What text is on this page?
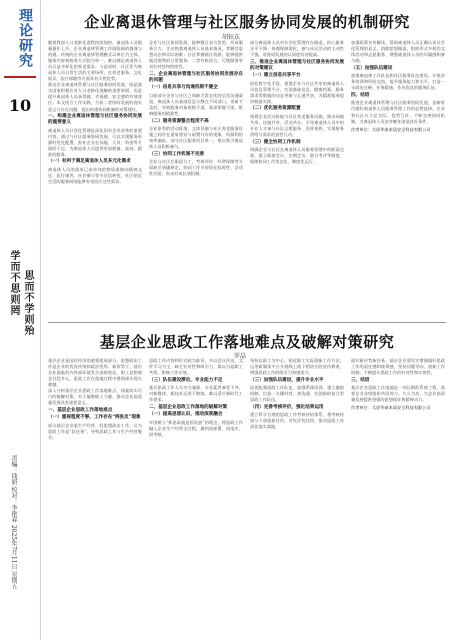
理论研究
10
学而不思则罔 思而不学则殆
责编：钱妍 校对：李艳春 2025年7月11日 星期五
企业离退休管理与社区服务协同发展的机制研究
胡钰东
随着我国人口老龄化进程持续加快，离退休人员数量逐年上升，企业离退休管理工作面临新的挑战与机遇。传统的企业离退休管理模式以单位为主体，服务内容和服务方式较为单一，难以满足离退休人员日益多样化的养老需求。与此同时，社区作为离退休人员日常生活的主要场所，在养老服务、文化娱乐、医疗保健等方面具有天然优势。
推动企业离退休管理与社区服务协同发展，既是落实国家积极应对人口老龄化战略的重要举措，也是提升离退休人员获得感、幸福感、安全感的有效途径。本文结合工作实践，分析二者协同发展的现实意义与存在问题，提出构建协同机制的对策建议。
一、构建企业离退休管理与社区服务协同发展的重要意义
离退休人员社会化管理是深化国有企业改革的重要内容。通过与社区服务协同发展，可以实现服务资源的优化配置，弥补企业在场地、人员、资金等方面的不足，为离退休人员提供更加便捷、高效、精准的服务。
（一）有利于满足离退休人员多元化需求
离退休人员的需求已由单纯的物质保障向精神文化、医疗康养、社会参与等多层次转变，社区贴近生活的服务网络能够有效回应这些需求。
企业与社区协同发展，能够整合双方优势，形成服务合力。企业熟悉离退休人员基本情况，掌握其思想动态和实际困难；社区掌握辖区资源，能够提供就近便利的日常服务。二者有机结合，可使服务更具针对性和持续性。
二、企业离退休管理与社区服务协同发展存在的问题
（一）信息共享与沟通机制不健全
目前部分企业与社区之间缺乏常态化的信息沟通渠道，离退休人员基础信息分散在不同部门，更新不及时，导致服务对象底数不清、需求掌握不准，影响服务的精准性。
（二）服务资源整合程度不高
企业原有的活动阵地、文体设施与社区养老服务设施之间存在重复建设与闲置并存的现象，资源利用效率偏低。部分社区服务项目单一，难以吸引离退休人员积极参与。
（三）协同工作机制不完善
企业与社区在职责分工、考核评价、经费保障等方面缺乏明确规定，协同工作多停留在临时性、活动性层面，尚未形成长效机制。
部分离退休人员对社会化管理存在顾虑，担心服务水平下降、待遇保障弱化，参与社区活动的主动性不强，对协同发展的认同度有待提高。
三、推进企业离退休管理与社区服务协同发展的对策建议
（一）建立信息共享平台
依托数字化手段，搭建企业与社区共享的离退休人员信息管理平台，实现基础信息、健康档案、服务需求等数据的动态更新与互通共享，为精准服务提供数据支撑。
（二）优化服务资源配置
统筹企业活动阵地与社区养老服务设施，推动场地共用、设施共享、活动共办。引导离退休人员中的专业人才参与社区志愿服务，发挥余热，实现服务供给与需求的良性互动。
（三）健全协同工作机制
明确企业与社区在离退休人员服务管理中的职责边界，建立联席会议、定期走访、联合考评等制度，保障协同工作常态化、制度化运行。
加强政策宣传解读，帮助离退休人员正确认识社会化管理的意义，消除思想顾虑。组织形式多样的文体活动和志愿服务，增强离退休人员的归属感和参与感。
（五）加强队伍建设
加强离退休工作队伍和社区服务队伍建设，开展业务培训和经验交流，提升服务能力和水平，打造一支政治过硬、业务精通、作风优良的服务队伍。
四、结语
推进企业离退休管理与社区服务协同发展，是新时代做好离退休人员服务管理工作的必然选择。企业和社区应立足实际、优势互补，不断完善协同机制，为离退休人员安享晚年创造良好条件。
作者单位：太原华泰本质安全科技有限公司
基层企业思政工作落地难点及破解对策研究
罗晶
基层企业是国民经济的重要组成部分，思想政治工作是企业的优良传统和政治优势。新形势下，基层企业面临的内外部环境发生深刻变化，职工思想观念日趋多元，思政工作在落地过程中遇到诸多现实难题。
深入分析基层企业思政工作落地难点，探索切实可行的破解对策，对于凝聚职工力量、推动企业高质量发展具有重要意义。
一、基层企业思政工作落地难点
（一）重视程度不够，工作存在“两张皮”现象
部分基层企业重生产经营、轻思想政治工作，认为思政工作是“软任务”，导致思政工作与生产经营脱节。
思政工作内容和形式较为陈旧，多以会议传达、文件学习为主，缺乏针对性和吸引力，难以引起职工共鸣，影响工作实效。
（三）队伍建设滞后，专业能力不足
基层思政工作人员多为兼职，专业素养参差不齐，对新媒体、新技术运用不熟练，难以适应新时代工作要求。
二、基层企业思政工作落地的破解对策
（一）提高思想认识，推动深度融合
牢固树立“抓思政就是抓发展”的理念，将思政工作融入企业生产经营全过程，做到同部署、同落实、同考核。
坚持以职工为中心，贴近职工实际创新工作方法，运用新媒体平台开展线上线下相结合的宣传教育，增强思政工作的吸引力和感染力。
（三）加强队伍建设，提升专业水平
选优配强思政工作队伍，加强系统培训，建立激励机制，打造一支懂经营、善沟通、会创新的复合型思政工作队伍。
（四）完善考核评价，强化结果运用
建立科学合理的思政工作考核评价体系，将考核结果与干部选拔任用、评先评优挂钩，推动思政工作责任落实落地。
面对新形势新任务，基层企业要切实增强做好思政工作的责任感和使命感，坚持问题导向，创新工作机制，不断提升思政工作的针对性和实效性。
三、结语
基层企业思政工作落地是一项长期的系统工程，需要企业各级组织共同努力、久久为功，为企业高质量发展提供坚强的思想保证和精神动力。
作者单位：太原华泰本质安全科技有限公司
